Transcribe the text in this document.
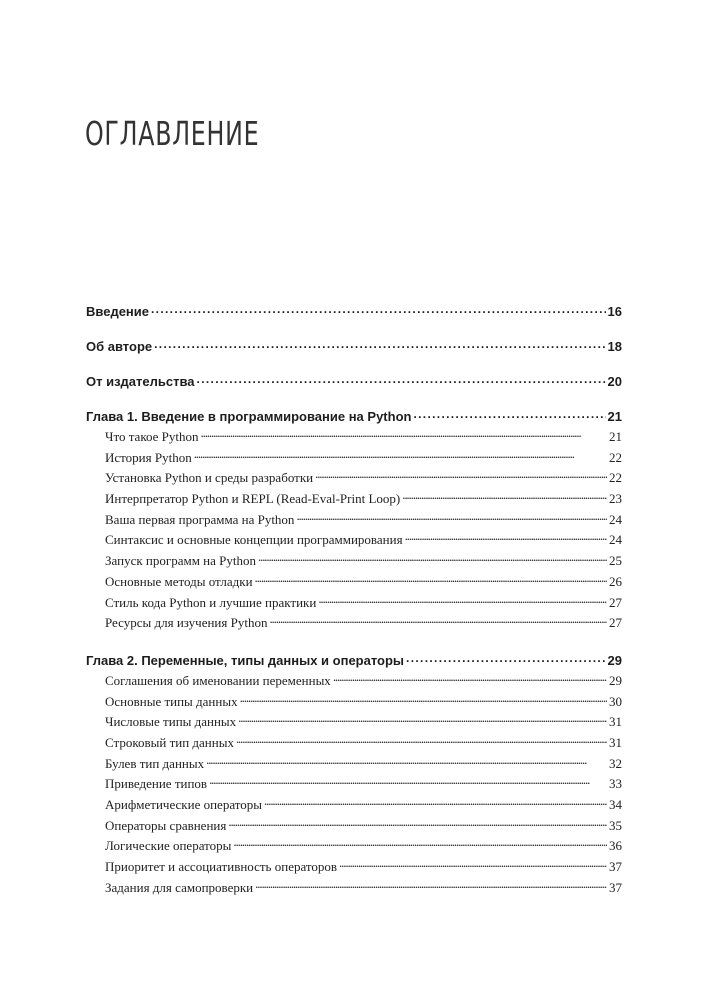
ОГЛАВЛЕНИЕ
Введение . . .	16
Об авторе . . .	18
От издательства . . .	20
Глава 1. Введение в программирование на Python . . .	21
Что такое Python . . .	21
История Python . . .	22
Установка Python и среды разработки . . .	22
Интерпретатор Python и REPL (Read-Eval-Print Loop) . . .	23
Ваша первая программа на Python . . .	24
Синтаксис и основные концепции программирования . . .	24
Запуск программ на Python . . .	25
Основные методы отладки . . .	26
Стиль кода Python и лучшие практики . . .	27
Ресурсы для изучения Python . . .	27
Глава 2. Переменные, типы данных и операторы . . .	29
Соглашения об именовании переменных . . .	29
Основные типы данных . . .	30
Числовые типы данных . . .	31
Строковый тип данных . . .	31
Булев тип данных . . .	32
Приведение типов . . .	33
Арифметические операторы . . .	34
Операторы сравнения . . .	35
Логические операторы . . .	36
Приоритет и ассоциативность операторов . . .	37
Задания для самопроверки . . .	37
